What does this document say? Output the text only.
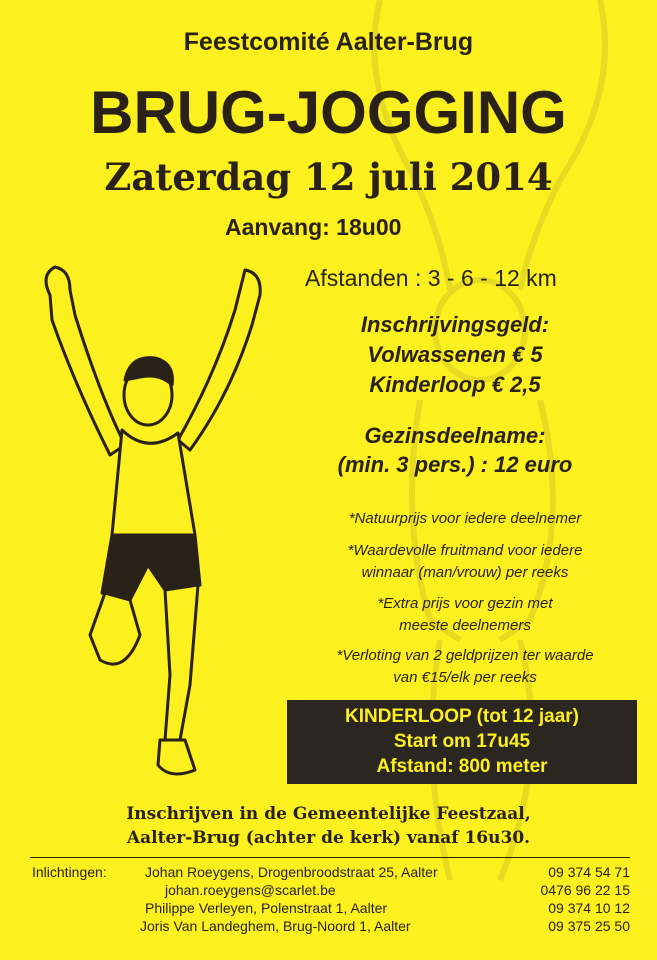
Feestcomité Aalter-Brug
BRUG-JOGGING
Zaterdag 12 juli 2014
Aanvang: 18u00
Afstanden : 3 - 6 - 12 km
Inschrijvingsgeld:
Volwassenen € 5
Kinderloop € 2,5
Gezinsdeelname:
(min. 3 pers.) : 12 euro
*Natuurprijs voor iedere deelnemer
*Waardevolle fruitmand voor iedere
winnaar (man/vrouw) per reeks
*Extra prijs voor gezin met
meeste deelnemers
*Verloting van 2 geldprijzen ter waarde
van €15/elk per reeks
KINDERLOOP (tot 12 jaar)
Start om 17u45
Afstand: 800 meter
Inschrijven in de Gemeentelijke Feestzaal,
Aalter-Brug (achter de kerk) vanaf 16u30.
Inlichtingen:	Johan Roeygens, Drogenbroodstraat 25, Aalter	09 374 54 71
johan.roeygens@scarlet.be	0476 96 22 15
Philippe Verleyen, Polenstraat 1, Aalter	09 374 10 12
Joris Van Landeghem, Brug-Noord 1, Aalter	09 375 25 50
